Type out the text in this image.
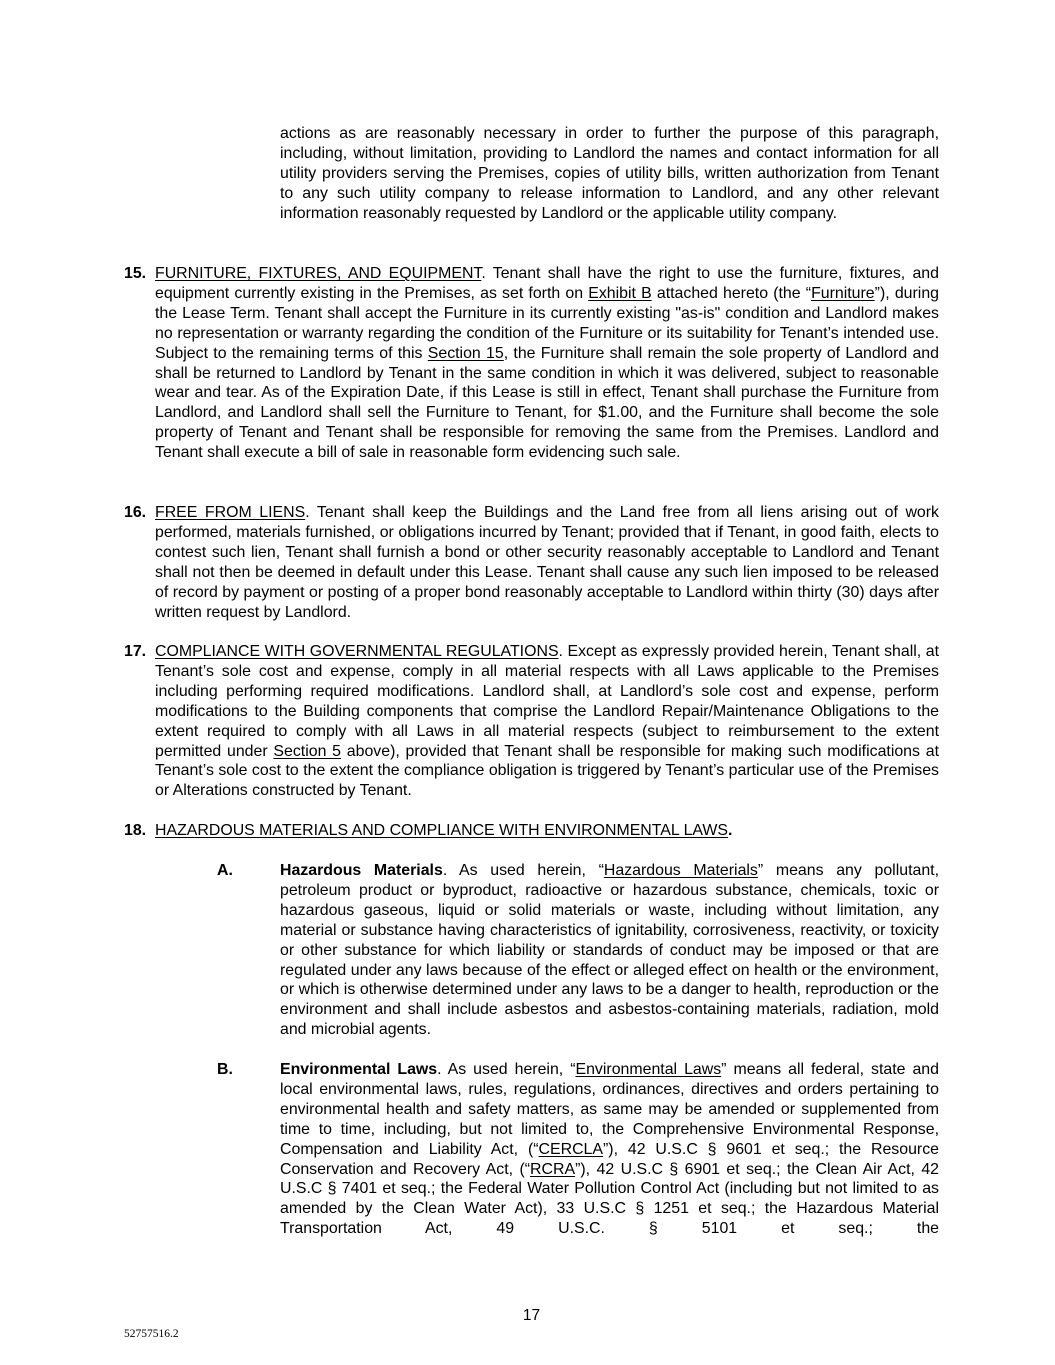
actions as are reasonably necessary in order to further the purpose of this paragraph, including, without limitation, providing to Landlord the names and contact information for all utility providers serving the Premises, copies of utility bills, written authorization from Tenant to any such utility company to release information to Landlord, and any other relevant information reasonably requested by Landlord or the applicable utility company.

15. FURNITURE, FIXTURES, AND EQUIPMENT. Tenant shall have the right to use the furniture, fixtures, and equipment currently existing in the Premises, as set forth on Exhibit B attached hereto (the “Furniture”), during the Lease Term. Tenant shall accept the Furniture in its currently existing "as-is" condition and Landlord makes no representation or warranty regarding the condition of the Furniture or its suitability for Tenant’s intended use. Subject to the remaining terms of this Section 15, the Furniture shall remain the sole property of Landlord and shall be returned to Landlord by Tenant in the same condition in which it was delivered, subject to reasonable wear and tear. As of the Expiration Date, if this Lease is still in effect, Tenant shall purchase the Furniture from Landlord, and Landlord shall sell the Furniture to Tenant, for $1.00, and the Furniture shall become the sole property of Tenant and Tenant shall be responsible for removing the same from the Premises. Landlord and Tenant shall execute a bill of sale in reasonable form evidencing such sale.

16. FREE FROM LIENS. Tenant shall keep the Buildings and the Land free from all liens arising out of work performed, materials furnished, or obligations incurred by Tenant; provided that if Tenant, in good faith, elects to contest such lien, Tenant shall furnish a bond or other security reasonably acceptable to Landlord and Tenant shall not then be deemed in default under this Lease. Tenant shall cause any such lien imposed to be released of record by payment or posting of a proper bond reasonably acceptable to Landlord within thirty (30) days after written request by Landlord.

17. COMPLIANCE WITH GOVERNMENTAL REGULATIONS. Except as expressly provided herein, Tenant shall, at Tenant’s sole cost and expense, comply in all material respects with all Laws applicable to the Premises including performing required modifications. Landlord shall, at Landlord’s sole cost and expense, perform modifications to the Building components that comprise the Landlord Repair/Maintenance Obligations to the extent required to comply with all Laws in all material respects (subject to reimbursement to the extent permitted under Section 5 above), provided that Tenant shall be responsible for making such modifications at Tenant’s sole cost to the extent the compliance obligation is triggered by Tenant’s particular use of the Premises or Alterations constructed by Tenant.

18. HAZARDOUS MATERIALS AND COMPLIANCE WITH ENVIRONMENTAL LAWS.

A.	Hazardous Materials. As used herein, “Hazardous Materials” means any pollutant, petroleum product or byproduct, radioactive or hazardous substance, chemicals, toxic or hazardous gaseous, liquid or solid materials or waste, including without limitation, any material or substance having characteristics of ignitability, corrosiveness, reactivity, or toxicity or other substance for which liability or standards of conduct may be imposed or that are regulated under any laws because of the effect or alleged effect on health or the environment, or which is otherwise determined under any laws to be a danger to health, reproduction or the environment and shall include asbestos and asbestos-containing materials, radiation, mold and microbial agents.

B.	Environmental Laws. As used herein, “Environmental Laws” means all federal, state and local environmental laws, rules, regulations, ordinances, directives and orders pertaining to environmental health and safety matters, as same may be amended or supplemented from time to time, including, but not limited to, the Comprehensive Environmental Response, Compensation and Liability Act, (“CERCLA”), 42 U.S.C § 9601 et seq.; the Resource Conservation and Recovery Act, (“RCRA”), 42 U.S.C § 6901 et seq.; the Clean Air Act, 42 U.S.C § 7401 et seq.; the Federal Water Pollution Control Act (including but not limited to as amended by the Clean Water Act), 33 U.S.C § 1251 et seq.; the Hazardous Material Transportation Act, 49 U.S.C. § 5101 et seq.; the

17
52757516.2
